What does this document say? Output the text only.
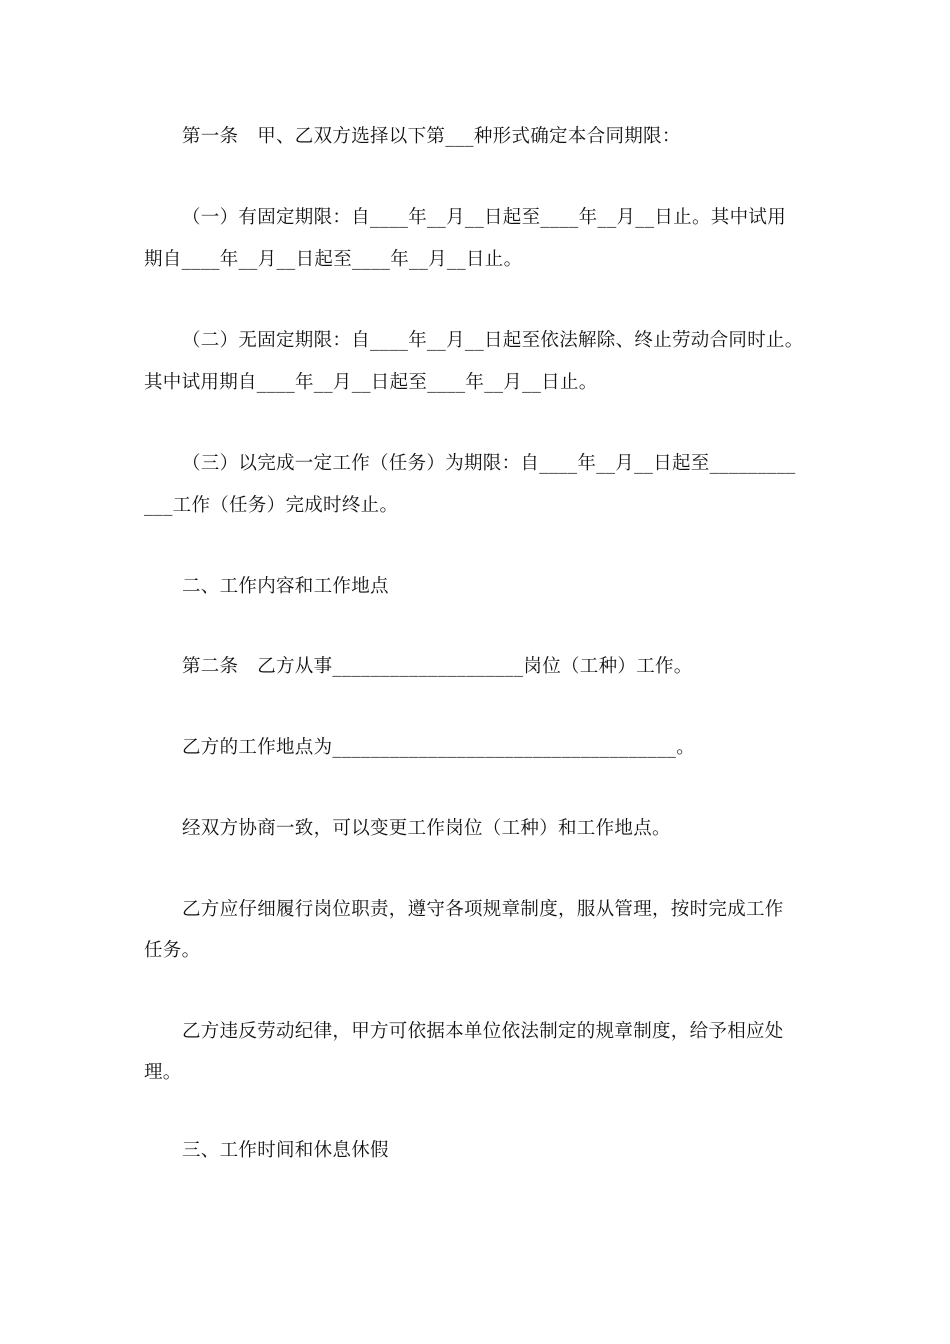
第一条　甲、乙双方选择以下第___种形式确定本合同期限：
（一）有固定期限：自____年__月__日起至____年__月__日止。其中试用
期自____年__月__日起至____年__月__日止。
（二）无固定期限：自____年__月__日起至依法解除、终止劳动合同时止。
其中试用期自____年__月__日起至____年__月__日止。
（三）以完成一定工作（任务）为期限：自____年__月__日起至_________
___工作（任务）完成时终止。
二、工作内容和工作地点
第二条　乙方从事____________________岗位（工种）工作。
乙方的工作地点为____________________________________。
经双方协商一致，可以变更工作岗位（工种）和工作地点。
乙方应仔细履行岗位职责，遵守各项规章制度，服从管理，按时完成工作
任务。
乙方违反劳动纪律，甲方可依据本单位依法制定的规章制度，给予相应处
理。
三、工作时间和休息休假
